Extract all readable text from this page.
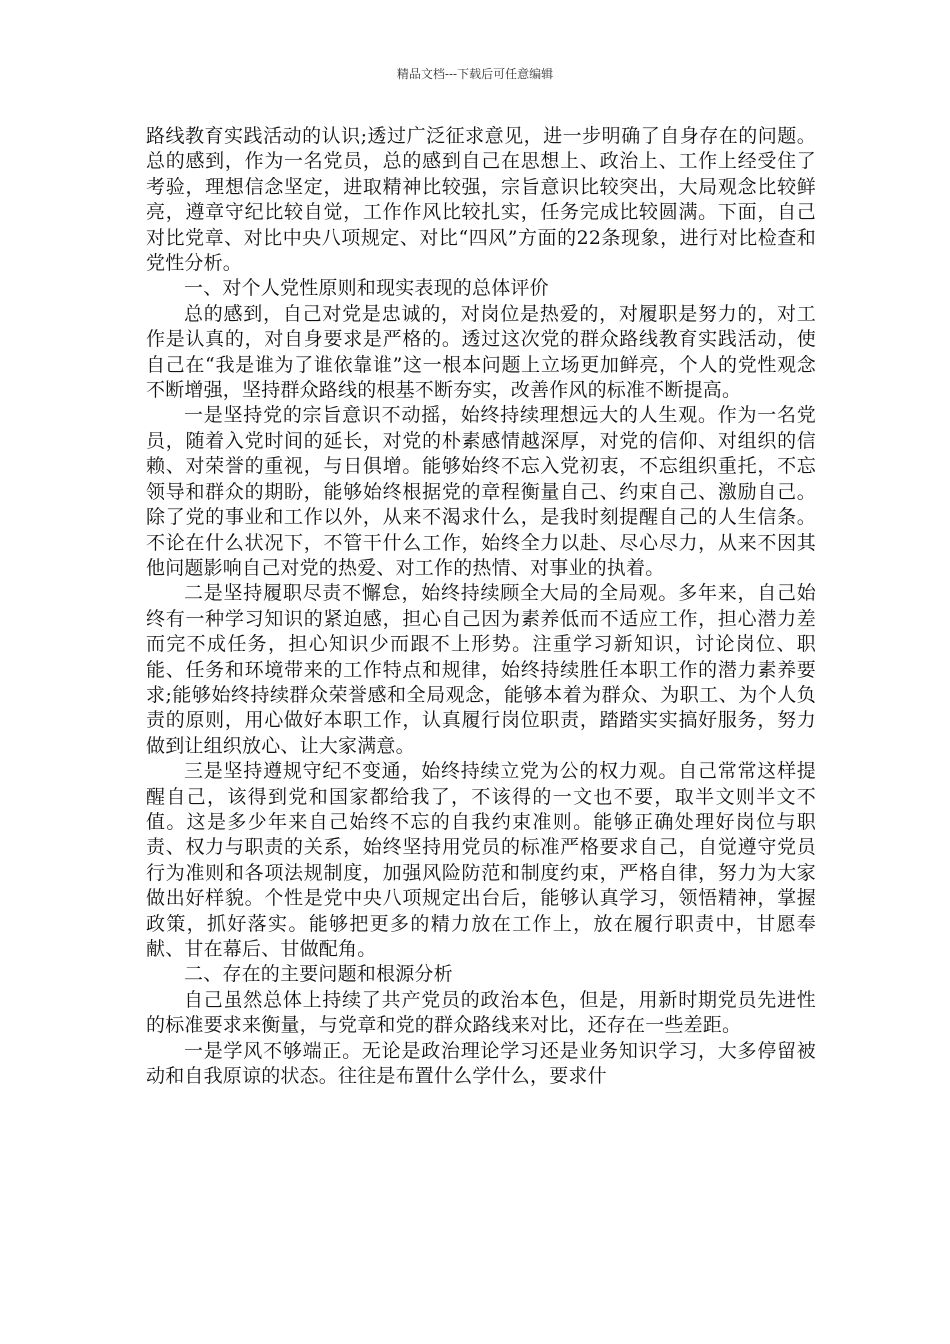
精品文档---下载后可任意编辑

路线教育实践活动的认识;透过广泛征求意见，进一步明确了自身存在的问题。总的感到，作为一名党员，总的感到自己在思想上、政治上、工作上经受住了考验，理想信念坚定，进取精神比较强，宗旨意识比较突出，大局观念比较鲜亮，遵章守纪比较自觉，工作作风比较扎实，任务完成比较圆满。下面，自己对比党章、对比中央八项规定、对比“四风”方面的22条现象，进行对比检查和党性分析。

一、对个人党性原则和现实表现的总体评价

总的感到，自己对党是忠诚的，对岗位是热爱的，对履职是努力的，对工作是认真的，对自身要求是严格的。透过这次党的群众路线教育实践活动，使自己在“我是谁为了谁依靠谁”这一根本问题上立场更加鲜亮，个人的党性观念不断增强，坚持群众路线的根基不断夯实，改善作风的标准不断提高。

一是坚持党的宗旨意识不动摇，始终持续理想远大的人生观。作为一名党员，随着入党时间的延长，对党的朴素感情越深厚，对党的信仰、对组织的信赖、对荣誉的重视，与日俱增。能够始终不忘入党初衷，不忘组织重托，不忘领导和群众的期盼，能够始终根据党的章程衡量自己、约束自己、激励自己。除了党的事业和工作以外，从来不渴求什么，是我时刻提醒自己的人生信条。不论在什么状况下，不管干什么工作，始终全力以赴、尽心尽力，从来不因其他问题影响自己对党的热爱、对工作的热情、对事业的执着。

二是坚持履职尽责不懈怠，始终持续顾全大局的全局观。多年来，自己始终有一种学习知识的紧迫感，担心自己因为素养低而不适应工作，担心潜力差而完不成任务，担心知识少而跟不上形势。注重学习新知识，讨论岗位、职能、任务和环境带来的工作特点和规律，始终持续胜任本职工作的潜力素养要求;能够始终持续群众荣誉感和全局观念，能够本着为群众、为职工、为个人负责的原则，用心做好本职工作，认真履行岗位职责，踏踏实实搞好服务，努力做到让组织放心、让大家满意。

三是坚持遵规守纪不变通，始终持续立党为公的权力观。自己常常这样提醒自己，该得到党和国家都给我了，不该得的一文也不要，取半文则半文不值。这是多少年来自己始终不忘的自我约束准则。能够正确处理好岗位与职责、权力与职责的关系，始终坚持用党员的标准严格要求自己，自觉遵守党员行为准则和各项法规制度，加强风险防范和制度约束，严格自律，努力为大家做出好样貌。个性是党中央八项规定出台后，能够认真学习，领悟精神，掌握政策，抓好落实。能够把更多的精力放在工作上，放在履行职责中，甘愿奉献、甘在幕后、甘做配角。

二、存在的主要问题和根源分析

自己虽然总体上持续了共产党员的政治本色，但是，用新时期党员先进性的标准要求来衡量，与党章和党的群众路线来对比，还存在一些差距。

一是学风不够端正。无论是政治理论学习还是业务知识学习，大多停留被动和自我原谅的状态。往往是布置什么学什么，要求什
